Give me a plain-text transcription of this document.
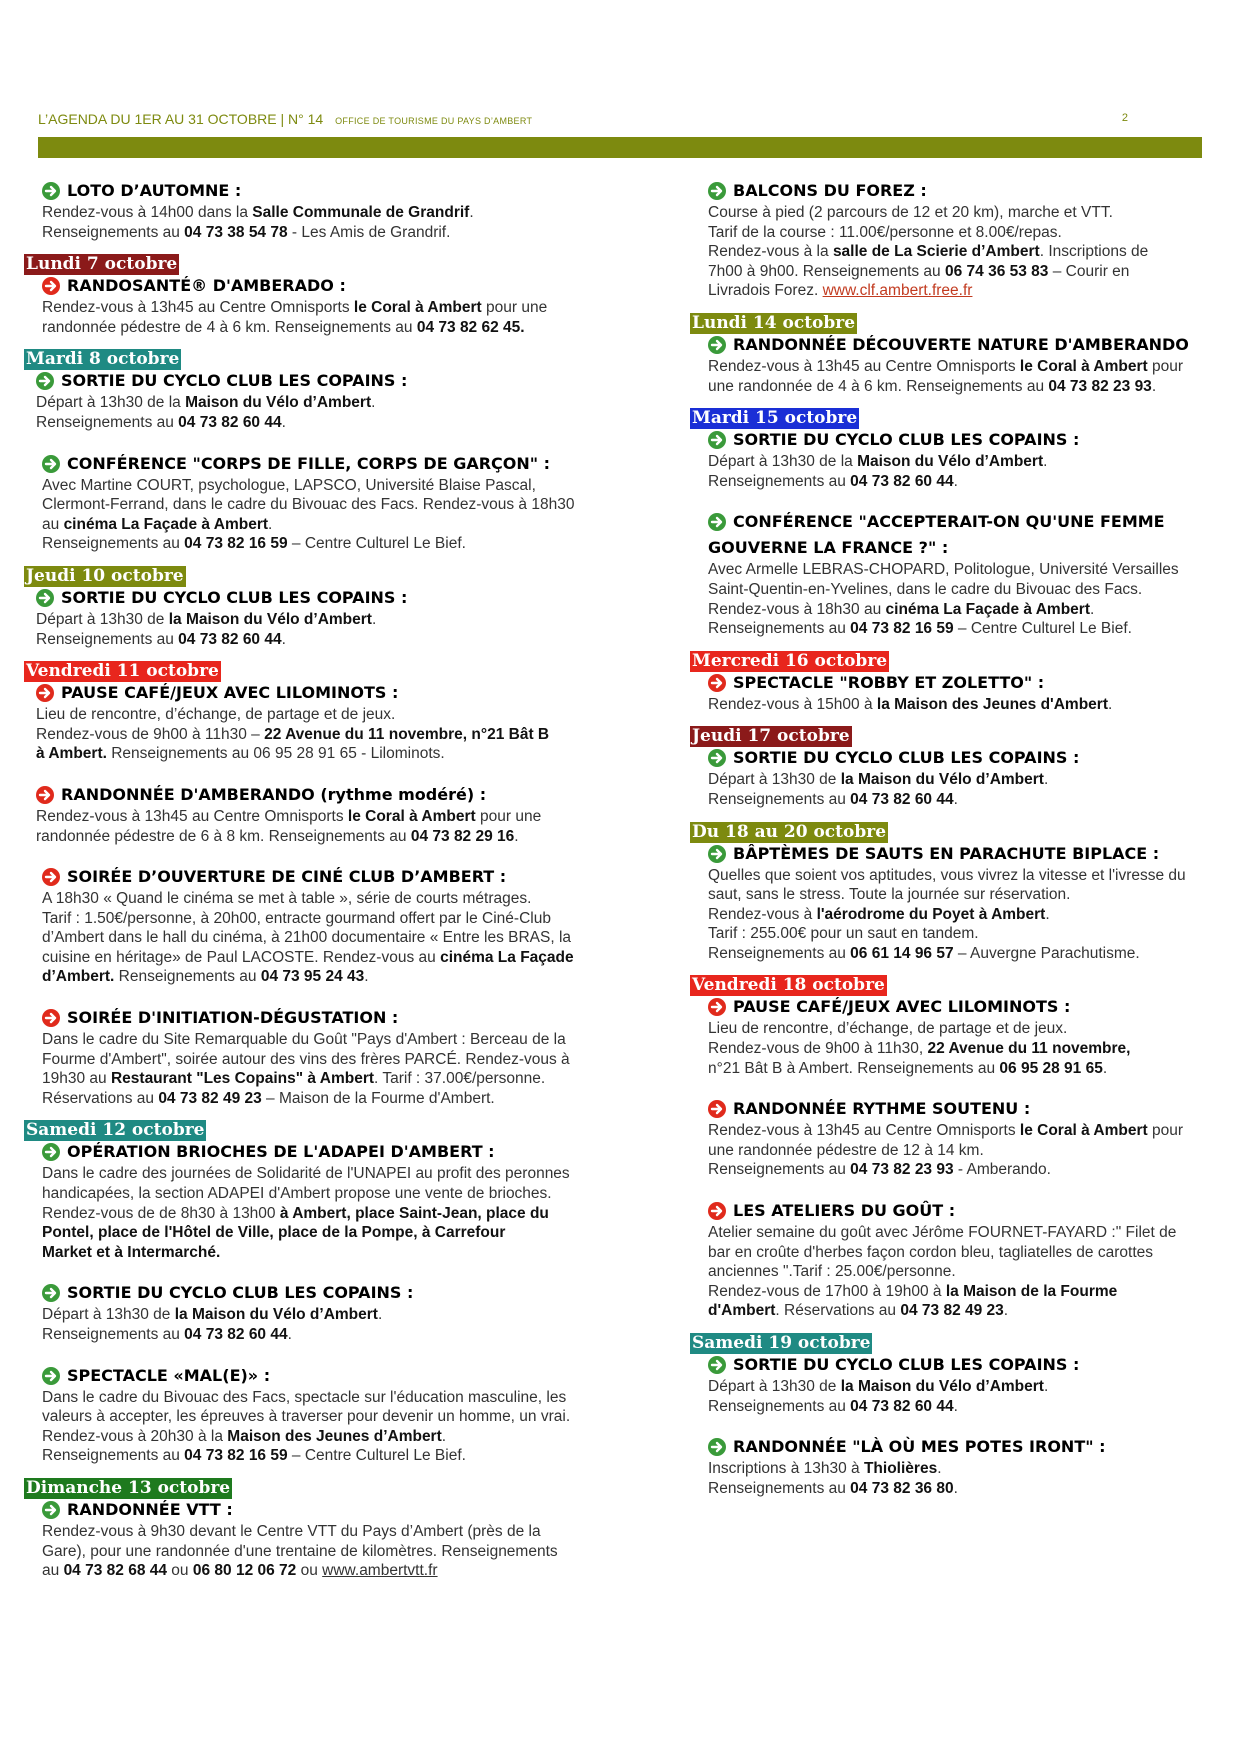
L’AGENDA DU 1ER AU 31 OCTOBRE | N° 14 OFFICE DE TOURISME DU PAYS D’AMBERT	2
LOTO D’AUTOMNE :
Rendez-vous à 14h00 dans la Salle Communale de Grandrif.
Renseignements au 04 73 38 54 78 - Les Amis de Grandrif.
Lundi 7 octobre
RANDOSANTÉ® D'AMBERADO :
Rendez-vous à 13h45 au Centre Omnisports le Coral à Ambert pour une
randonnée pédestre de 4 à 6 km. Renseignements au 04 73 82 62 45.
Mardi 8 octobre
SORTIE DU CYCLO CLUB LES COPAINS :
Départ à 13h30 de la Maison du Vélo d’Ambert.
Renseignements au 04 73 82 60 44.
CONFÉRENCE "CORPS DE FILLE, CORPS DE GARÇON" :
Avec Martine COURT, psychologue, LAPSCO, Université Blaise Pascal,
Clermont-Ferrand, dans le cadre du Bivouac des Facs. Rendez-vous à 18h30
au cinéma La Façade à Ambert.
Renseignements au 04 73 82 16 59 – Centre Culturel Le Bief.
Jeudi 10 octobre
SORTIE DU CYCLO CLUB LES COPAINS :
Départ à 13h30 de la Maison du Vélo d’Ambert.
Renseignements au 04 73 82 60 44.
Vendredi 11 octobre
PAUSE CAFÉ/JEUX AVEC LILOMINOTS :
Lieu de rencontre, d’échange, de partage et de jeux.
Rendez-vous de 9h00 à 11h30 – 22 Avenue du 11 novembre, n°21 Bât B
à Ambert. Renseignements au 06 95 28 91 65 - Lilominots.
RANDONNÉE D'AMBERANDO (rythme modéré) :
Rendez-vous à 13h45 au Centre Omnisports le Coral à Ambert pour une
randonnée pédestre de 6 à 8 km. Renseignements au 04 73 82 29 16.
SOIRÉE D’OUVERTURE DE CINÉ CLUB D’AMBERT :
A 18h30 « Quand le cinéma se met à table », série de courts métrages.
Tarif : 1.50€/personne, à 20h00, entracte gourmand offert par le Ciné-Club
d’Ambert dans le hall du cinéma, à 21h00 documentaire « Entre les BRAS, la
cuisine en héritage» de Paul LACOSTE. Rendez-vous au cinéma La Façade
d’Ambert. Renseignements au 04 73 95 24 43.
SOIRÉE D'INITIATION-DÉGUSTATION :
Dans le cadre du Site Remarquable du Goût "Pays d'Ambert : Berceau de la
Fourme d'Ambert", soirée autour des vins des frères PARCÉ. Rendez-vous à
19h30 au Restaurant "Les Copains" à Ambert. Tarif : 37.00€/personne.
Réservations au 04 73 82 49 23 – Maison de la Fourme d'Ambert.
Samedi 12 octobre
OPÉRATION BRIOCHES DE L'ADAPEI D'AMBERT :
Dans le cadre des journées de Solidarité de l'UNAPEI au profit des peronnes
handicapées, la section ADAPEI d'Ambert propose une vente de brioches.
Rendez-vous de de 8h30 à 13h00 à Ambert, place Saint-Jean, place du
Pontel, place de l'Hôtel de Ville, place de la Pompe, à Carrefour
Market et à Intermarché.
SORTIE DU CYCLO CLUB LES COPAINS :
Départ à 13h30 de la Maison du Vélo d’Ambert.
Renseignements au 04 73 82 60 44.
SPECTACLE «MAL(E)» :
Dans le cadre du Bivouac des Facs, spectacle sur l'éducation masculine, les
valeurs à accepter, les épreuves à traverser pour devenir un homme, un vrai.
Rendez-vous à 20h30 à la Maison des Jeunes d’Ambert.
Renseignements au 04 73 82 16 59 – Centre Culturel Le Bief.
Dimanche 13 octobre
RANDONNÉE VTT :
Rendez-vous à 9h30 devant le Centre VTT du Pays d’Ambert (près de la
Gare), pour une randonnée d'une trentaine de kilomètres. Renseignements
au 04 73 82 68 44 ou 06 80 12 06 72 ou www.ambertvtt.fr
BALCONS DU FOREZ :
Course à pied (2 parcours de 12 et 20 km), marche et VTT.
Tarif de la course : 11.00€/personne et 8.00€/repas.
Rendez-vous à la salle de La Scierie d’Ambert. Inscriptions de
7h00 à 9h00. Renseignements au 06 74 36 53 83 – Courir en
Livradois Forez. www.clf.ambert.free.fr
Lundi 14 octobre
RANDONNÉE DÉCOUVERTE NATURE D'AMBERANDO
Rendez-vous à 13h45 au Centre Omnisports le Coral à Ambert pour
une randonnée de 4 à 6 km. Renseignements au 04 73 82 23 93.
Mardi 15 octobre
SORTIE DU CYCLO CLUB LES COPAINS :
Départ à 13h30 de la Maison du Vélo d’Ambert.
Renseignements au 04 73 82 60 44.
CONFÉRENCE "ACCEPTERAIT-ON QU'UNE FEMME
GOUVERNE LA FRANCE ?" :
Avec Armelle LEBRAS-CHOPARD, Politologue, Université Versailles
Saint-Quentin-en-Yvelines, dans le cadre du Bivouac des Facs.
Rendez-vous à 18h30 au cinéma La Façade à Ambert.
Renseignements au 04 73 82 16 59 – Centre Culturel Le Bief.
Mercredi 16 octobre
SPECTACLE "ROBBY ET ZOLETTO" :
Rendez-vous à 15h00 à la Maison des Jeunes d'Ambert.
Jeudi 17 octobre
SORTIE DU CYCLO CLUB LES COPAINS :
Départ à 13h30 de la Maison du Vélo d’Ambert.
Renseignements au 04 73 82 60 44.
Du 18 au 20 octobre
BÂPTÈMES DE SAUTS EN PARACHUTE BIPLACE :
Quelles que soient vos aptitudes, vous vivrez la vitesse et l'ivresse du
saut, sans le stress. Toute la journée sur réservation.
Rendez-vous à l'aérodrome du Poyet à Ambert.
Tarif : 255.00€ pour un saut en tandem.
Renseignements au 06 61 14 96 57 – Auvergne Parachutisme.
Vendredi 18 octobre
PAUSE CAFÉ/JEUX AVEC LILOMINOTS :
Lieu de rencontre, d’échange, de partage et de jeux.
Rendez-vous de 9h00 à 11h30, 22 Avenue du 11 novembre,
n°21 Bât B à Ambert. Renseignements au 06 95 28 91 65.
RANDONNÉE RYTHME SOUTENU :
Rendez-vous à 13h45 au Centre Omnisports le Coral à Ambert pour
une randonnée pédestre de 12 à 14 km.
Renseignements au 04 73 82 23 93 - Amberando.
LES ATELIERS DU GOÛT :
Atelier semaine du goût avec Jérôme FOURNET-FAYARD :" Filet de
bar en croûte d'herbes façon cordon bleu, tagliatelles de carottes
anciennes ".Tarif : 25.00€/personne.
Rendez-vous de 17h00 à 19h00 à la Maison de la Fourme
d'Ambert. Réservations au 04 73 82 49 23.
Samedi 19 octobre
SORTIE DU CYCLO CLUB LES COPAINS :
Départ à 13h30 de la Maison du Vélo d’Ambert.
Renseignements au 04 73 82 60 44.
RANDONNÉE "LÀ OÙ MES POTES IRONT" :
Inscriptions à 13h30 à Thiolières.
Renseignements au 04 73 82 36 80.
